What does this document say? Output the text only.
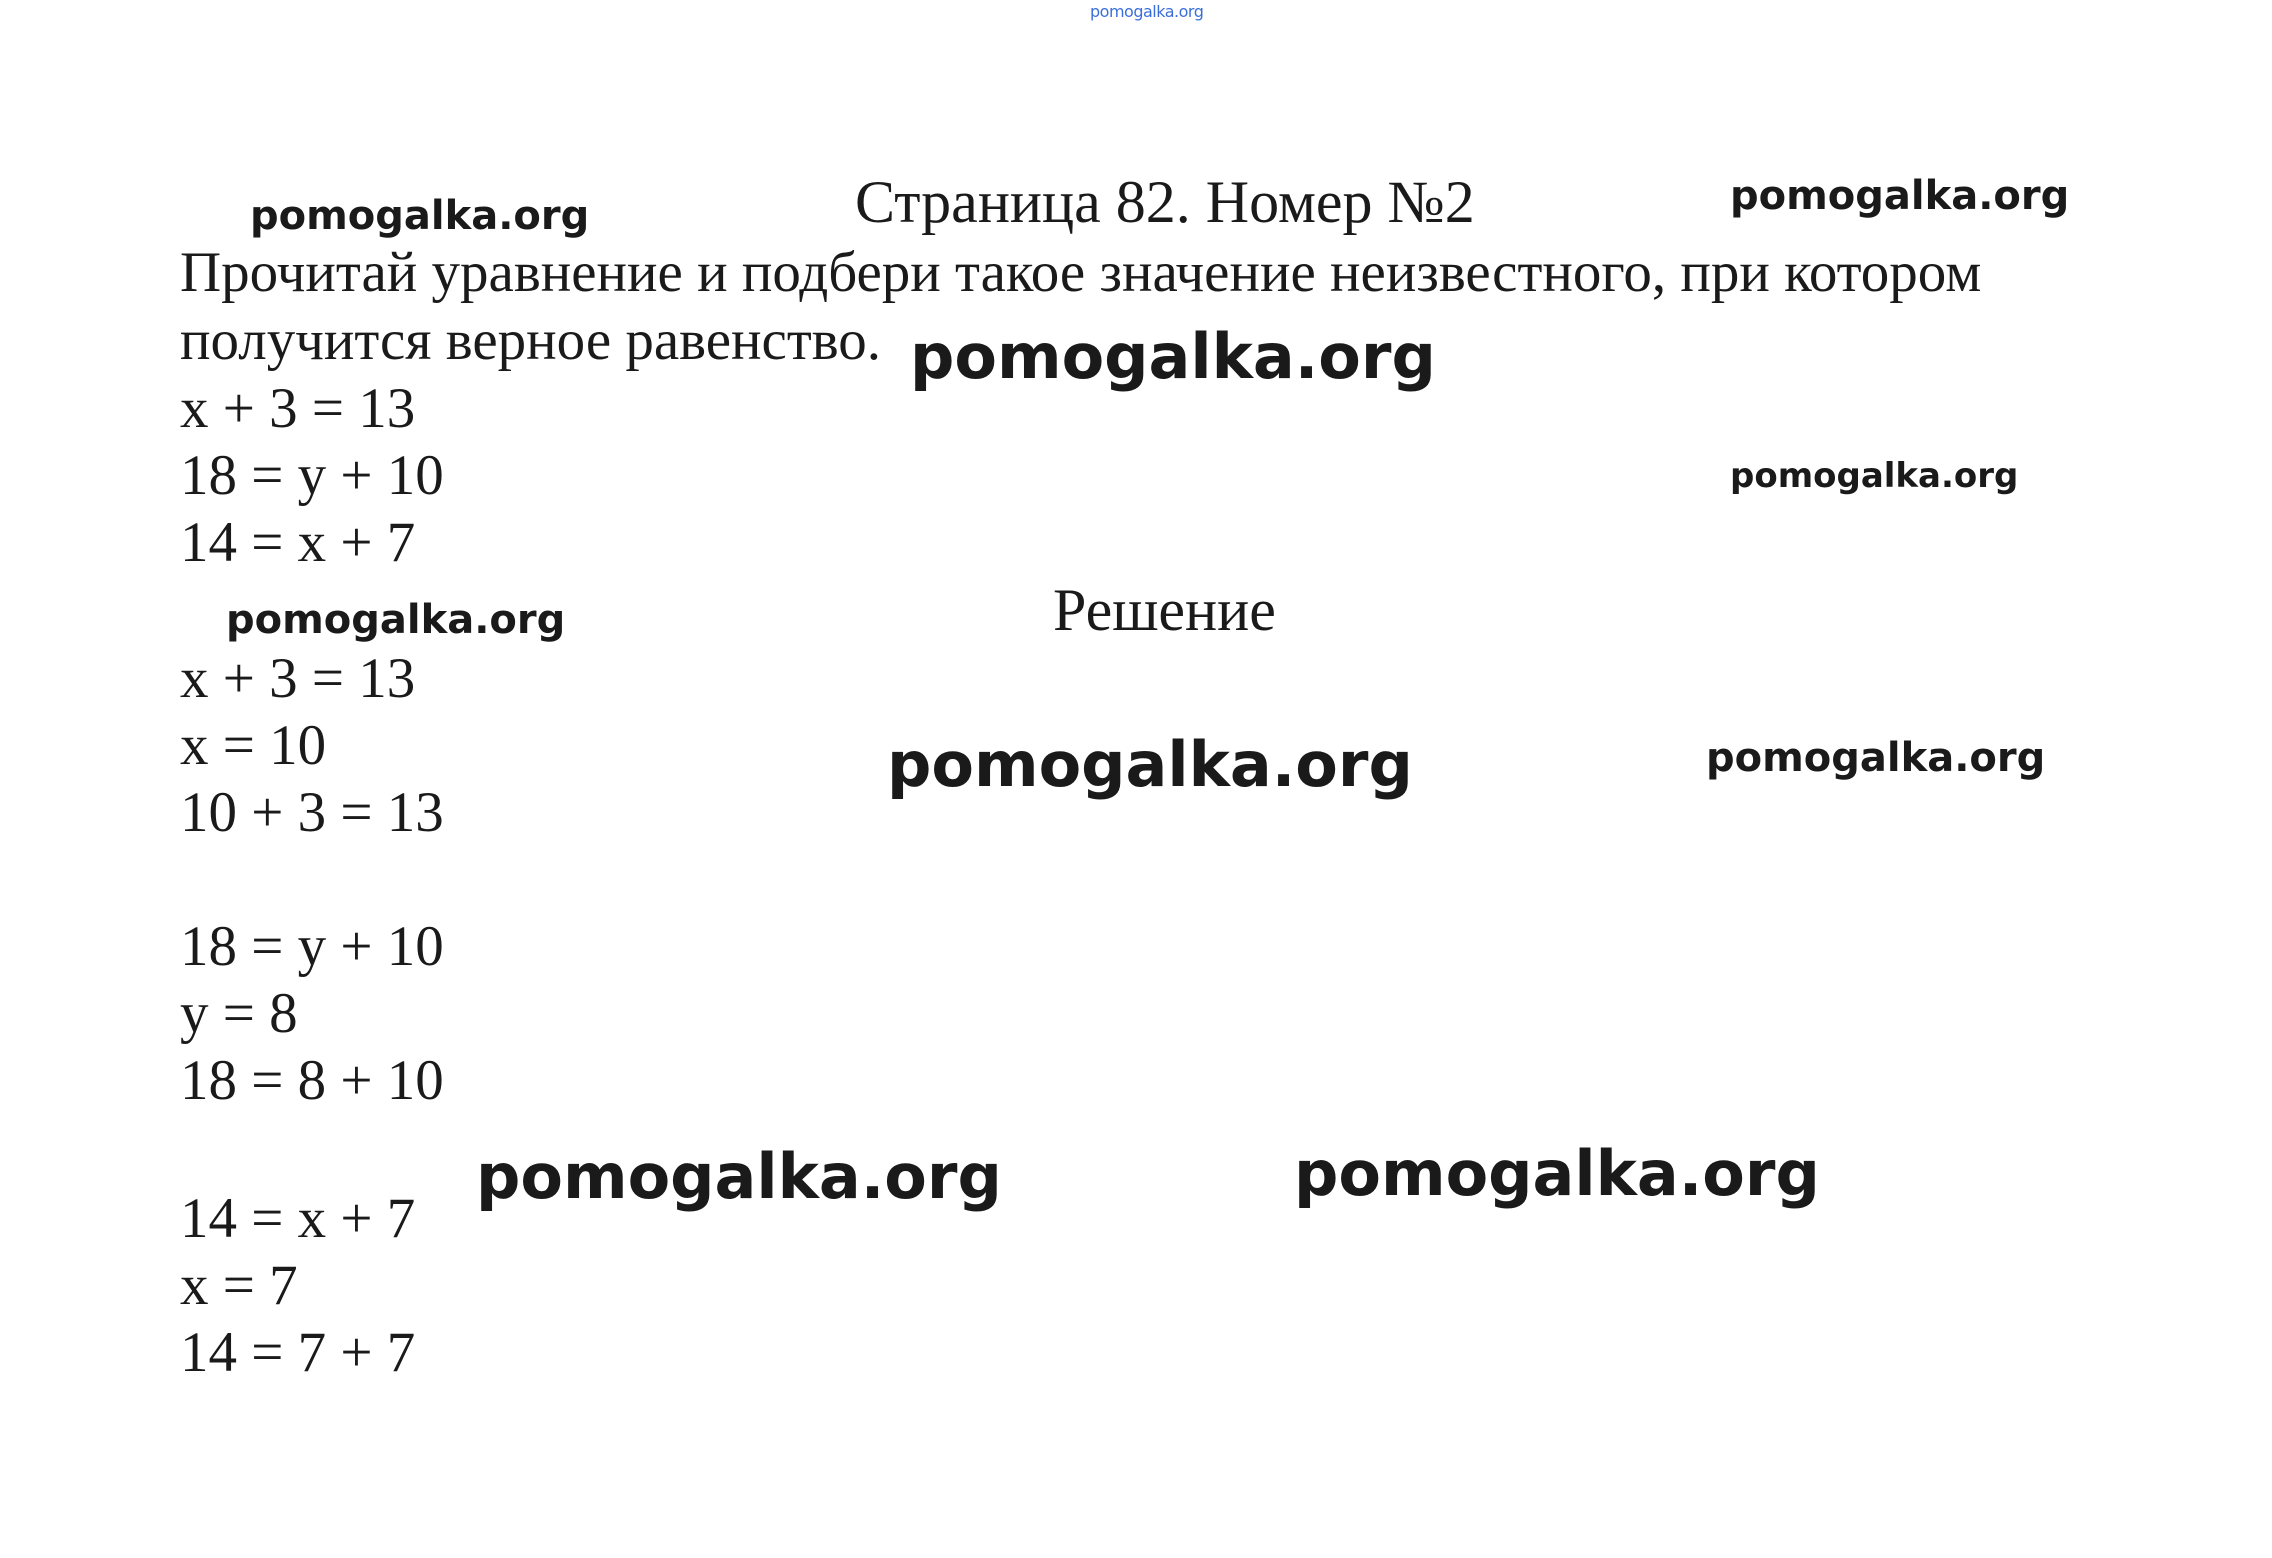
pomogalka.org
Страница 82. Номер №2
Прочитай уравнение и подбери такое значение неизвестного, при котором
получится верное равенство.
x + 3 = 13
18 = y + 10
14 = x + 7
Решение
x + 3 = 13
x = 10
10 + 3 = 13
18 = y + 10
y = 8
18 = 8 + 10
14 = x + 7
x = 7
14 = 7 + 7
pomogalka.org	pomogalka.org
pomogalka.org
pomogalka.org
pomogalka.org
pomogalka.org	pomogalka.org
pomogalka.org	pomogalka.org
